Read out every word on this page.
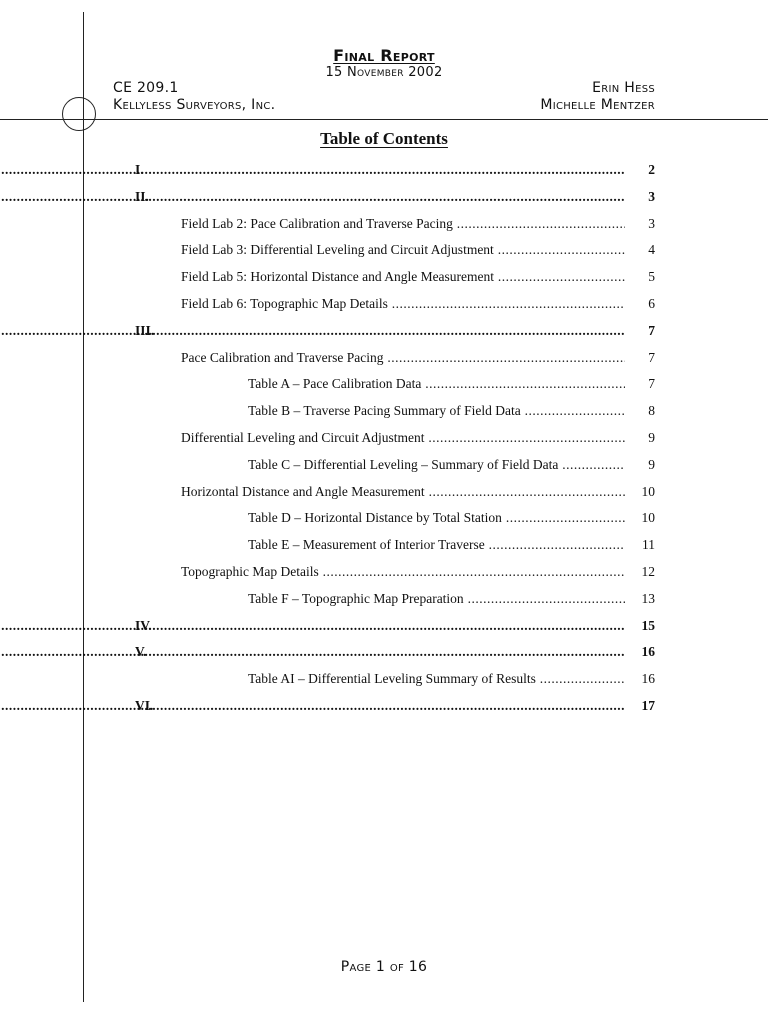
Final Report
15 November 2002
CE 209.1
Kellyless Surveyors, Inc.
Erin Hess
Michelle Mentzer
Table of Contents
I. .....	2
II. .....	3
Field Lab 2: Pace Calibration and Traverse Pacing .....	3
Field Lab 3: Differential Leveling and Circuit Adjustment .....	4
Field Lab 5: Horizontal Distance and Angle Measurement .....	5
Field Lab 6: Topographic Map Details .....	6
III. .....	7
Pace Calibration and Traverse Pacing .....	7
Table A – Pace Calibration Data .....	7
Table B – Traverse Pacing Summary of Field Data .....	8
Differential Leveling and Circuit Adjustment .....	9
Table C – Differential Leveling – Summary of Field Data .....	9
Horizontal Distance and Angle Measurement .....	10
Table D – Horizontal Distance by Total Station .....	10
Table E – Measurement of Interior Traverse .....	11
Topographic Map Details .....	12
Table F – Topographic Map Preparation .....	13
IV. .....	15
V. .....	16
Table AI – Differential Leveling Summary of Results .....	16
VI. .....	17
Page 1 of 16
